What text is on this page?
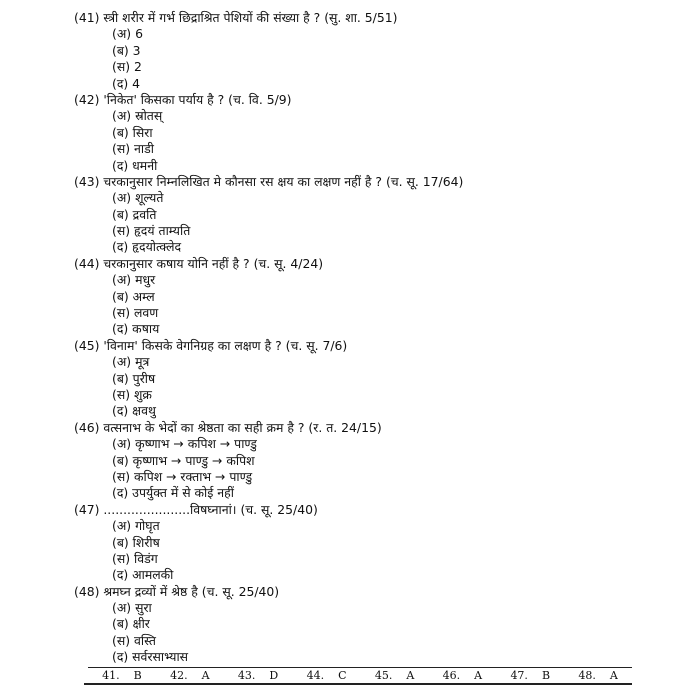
(41) स्त्री शरीर में गर्भ छिद्राश्रित पेशियों की संख्या है ? (सु. शा. 5/51)
(अ) 6
(ब) 3
(स) 2
(द) 4
(42) 'निकेत' किसका पर्याय है ? (च. वि. 5/9)
(अ) स्रोतस्
(ब) सिरा
(स) नाडी
(द) धमनी
(43) चरकानुसार निम्नलिखित मे कौनसा रस क्षय का लक्षण नहीं है ? (च. सू. 17/64)
(अ) शूल्यते
(ब) द्रवति
(स) हृदयं ताम्यति
(द) हृदयोत्क्लेद
(44) चरकानुसार कषाय योनि नहीं है ? (च. सू. 4/24)
(अ) मधुर
(ब) अम्ल
(स) लवण
(द) कषाय
(45) 'विनाम' किसके वेगनिग्रह का लक्षण है ? (च. सू. 7/6)
(अ) मूत्र
(ब) पुरीष
(स) शुक्र
(द) क्षवथु
(46) वत्सनाभ के भेदों का श्रेष्ठता का सही क्रम है ? (र. त. 24/15)
(अ) कृष्णाभ → कपिश → पाण्डु
(ब) कृष्णाभ → पाण्डु → कपिश
(स) कपिश → रक्ताभ → पाण्डु
(द) उपर्युक्त में से कोई नहीं
(47) ......................विषघ्नानां। (च. सू. 25/40)
(अ) गोघृत
(ब) शिरीष
(स) विडंग
(द) आमलकी
(48) श्रमघ्न द्रव्यों में श्रेष्ठ है (च. सू. 25/40)
(अ) सुरा
(ब) क्षीर
(स) वस्ति
(द) सर्वरसाभ्यास
41. B	42. A	43. D	44. C	45. A	46. A	47. B	48. A
